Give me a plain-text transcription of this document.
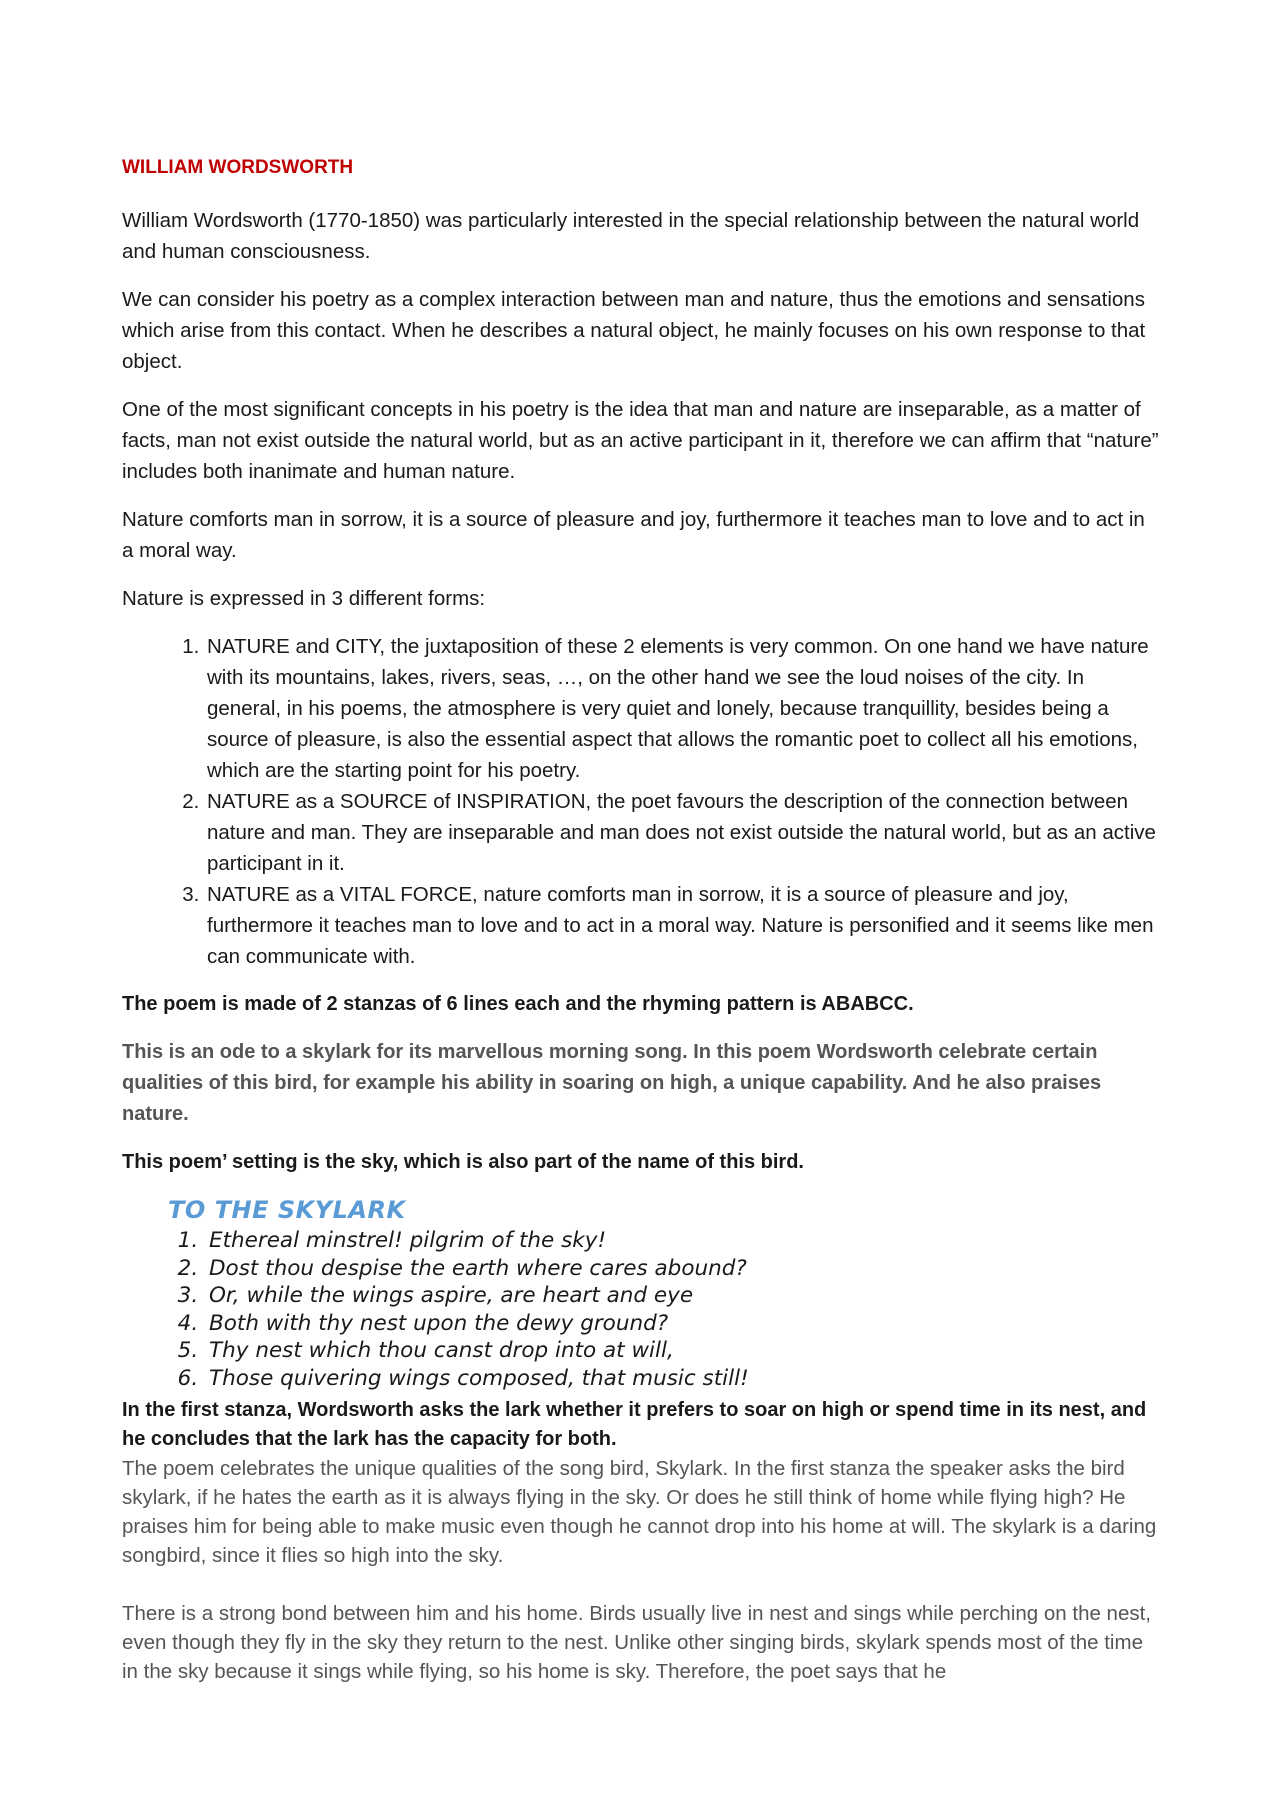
WILLIAM WORDSWORTH

William Wordsworth (1770-1850) was particularly interested in the special relationship between the natural world and human consciousness.

We can consider his poetry as a complex interaction between man and nature, thus the emotions and sensations which arise from this contact. When he describes a natural object, he mainly focuses on his own response to that object.

One of the most significant concepts in his poetry is the idea that man and nature are inseparable, as a matter of facts, man not exist outside the natural world, but as an active participant in it, therefore we can affirm that “nature” includes both inanimate and human nature.

Nature comforts man in sorrow, it is a source of pleasure and joy, furthermore it teaches man to love and to act in a moral way.

Nature is expressed in 3 different forms:

1. NATURE and CITY, the juxtaposition of these 2 elements is very common. On one hand we have nature with its mountains, lakes, rivers, seas, …, on the other hand we see the loud noises of the city. In general, in his poems, the atmosphere is very quiet and lonely, because tranquillity, besides being a source of pleasure, is also the essential aspect that allows the romantic poet to collect all his emotions, which are the starting point for his poetry.
2. NATURE as a SOURCE of INSPIRATION, the poet favours the description of the connection between nature and man. They are inseparable and man does not exist outside the natural world, but as an active participant in it.
3. NATURE as a VITAL FORCE, nature comforts man in sorrow, it is a source of pleasure and joy, furthermore it teaches man to love and to act in a moral way. Nature is personified and it seems like men can communicate with.

The poem is made of 2 stanzas of 6 lines each and the rhyming pattern is ABABCC.

This is an ode to a skylark for its marvellous morning song. In this poem Wordsworth celebrate certain qualities of this bird, for example his ability in soaring on high, a unique capability. And he also praises nature.

This poem’ setting is the sky, which is also part of the name of this bird.

TO THE SKYLARK
1. Ethereal minstrel! pilgrim of the sky!
2. Dost thou despise the earth where cares abound?
3. Or, while the wings aspire, are heart and eye
4. Both with thy nest upon the dewy ground?
5. Thy nest which thou canst drop into at will,
6. Those quivering wings composed, that music still!

In the first stanza, Wordsworth asks the lark whether it prefers to soar on high or spend time in its nest, and he concludes that the lark has the capacity for both.

The poem celebrates the unique qualities of the song bird, Skylark. In the first stanza the speaker asks the bird skylark, if he hates the earth as it is always flying in the sky. Or does he still think of home while flying high? He praises him for being able to make music even though he cannot drop into his home at will. The skylark is a daring songbird, since it flies so high into the sky.

There is a strong bond between him and his home. Birds usually live in nest and sings while perching on the nest, even though they fly in the sky they return to the nest. Unlike other singing birds, skylark spends most of the time in the sky because it sings while flying, so his home is sky. Therefore, the poet says that he
